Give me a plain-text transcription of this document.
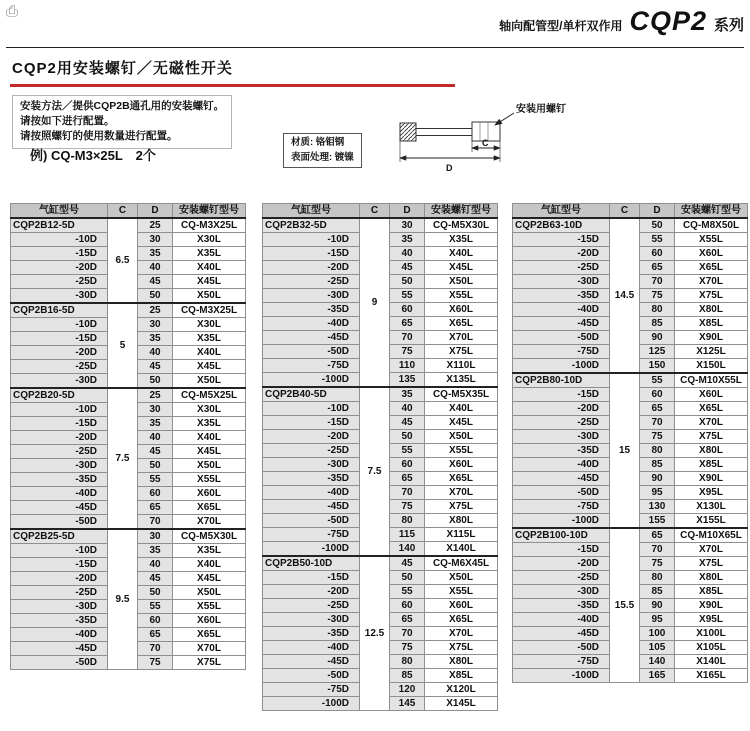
⎙
轴向配管型/单杆双作用 CQP2 系列
CQP2用安装螺钉／无磁性开关
安装方法／提供CQP2B通孔用的安装螺钉。
请按如下进行配置。
请按照螺钉的使用数量进行配置。
例) CQ-M3×25L　2个
材质: 铬钼钢
表面处理: 镀镍
安装用螺钉
C
D
气缸型号	C	D	安装螺钉型号
CQP2B12-5D	6.5	25	CQ-M3X25L
-10D		30	X30L
-15D		35	X35L
-20D		40	X40L
-25D		45	X45L
-30D		50	X50L
CQP2B16-5D	5	25	CQ-M3X25L
-10D		30	X30L
-15D		35	X35L
-20D		40	X40L
-25D		45	X45L
-30D		50	X50L
CQP2B20-5D	7.5	25	CQ-M5X25L
-10D		30	X30L
-15D		35	X35L
-20D		40	X40L
-25D		45	X45L
-30D		50	X50L
-35D		55	X55L
-40D		60	X60L
-45D		65	X65L
-50D		70	X70L
CQP2B25-5D	9.5	30	CQ-M5X30L
-10D		35	X35L
-15D		40	X40L
-20D		45	X45L
-25D		50	X50L
-30D		55	X55L
-35D		60	X60L
-40D		65	X65L
-45D		70	X70L
-50D		75	X75L
气缸型号	C	D	安装螺钉型号
CQP2B32-5D	9	30	CQ-M5X30L
-10D		35	X35L
-15D		40	X40L
-20D		45	X45L
-25D		50	X50L
-30D		55	X55L
-35D		60	X60L
-40D		65	X65L
-45D		70	X70L
-50D		75	X75L
-75D		110	X110L
-100D		135	X135L
CQP2B40-5D	7.5	35	CQ-M5X35L
-10D		40	X40L
-15D		45	X45L
-20D		50	X50L
-25D		55	X55L
-30D		60	X60L
-35D		65	X65L
-40D		70	X70L
-45D		75	X75L
-50D		80	X80L
-75D		115	X115L
-100D		140	X140L
CQP2B50-10D	12.5	45	CQ-M6X45L
-15D		50	X50L
-20D		55	X55L
-25D		60	X60L
-30D		65	X65L
-35D		70	X70L
-40D		75	X75L
-45D		80	X80L
-50D		85	X85L
-75D		120	X120L
-100D		145	X145L
气缸型号	C	D	安装螺钉型号
CQP2B63-10D	14.5	50	CQ-M8X50L
-15D		55	X55L
-20D		60	X60L
-25D		65	X65L
-30D		70	X70L
-35D		75	X75L
-40D		80	X80L
-45D		85	X85L
-50D		90	X90L
-75D		125	X125L
-100D		150	X150L
CQP2B80-10D	15	55	CQ-M10X55L
-15D		60	X60L
-20D		65	X65L
-25D		70	X70L
-30D		75	X75L
-35D		80	X80L
-40D		85	X85L
-45D		90	X90L
-50D		95	X95L
-75D		130	X130L
-100D		155	X155L
CQP2B100-10D	15.5	65	CQ-M10X65L
-15D		70	X70L
-20D		75	X75L
-25D		80	X80L
-30D		85	X85L
-35D		90	X90L
-40D		95	X95L
-45D		100	X100L
-50D		105	X105L
-75D		140	X140L
-100D		165	X165L
